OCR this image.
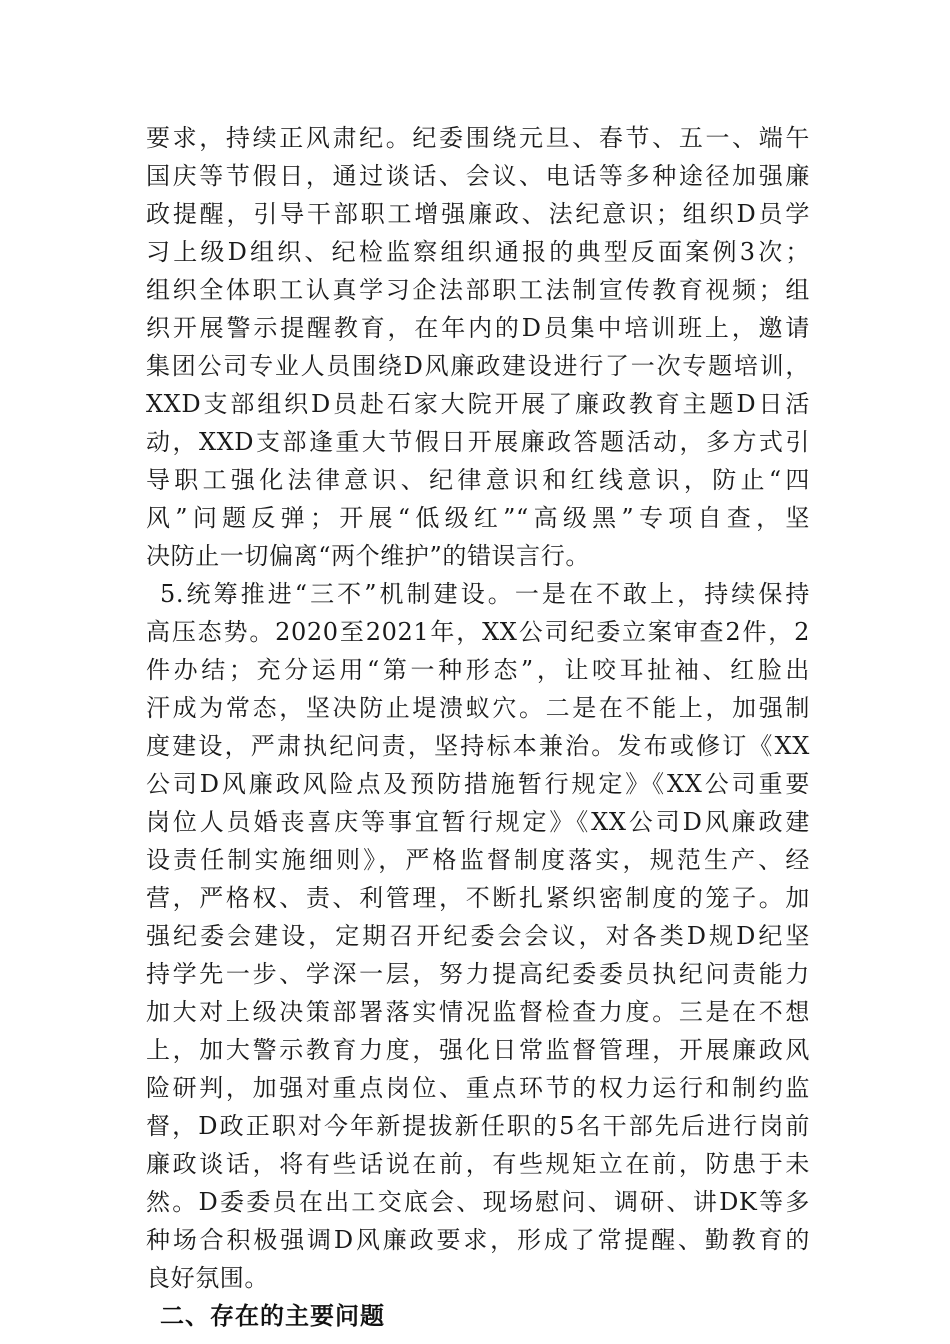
要求，持续正风肃纪。纪委围绕元旦、春节、五一、端午
国庆等节假日，通过谈话、会议、电话等多种途径加强廉
政提醒，引导干部职工增强廉政、法纪意识；组织D员学
习上级D组织、纪检监察组织通报的典型反面案例3次；
组织全体职工认真学习企法部职工法制宣传教育视频；组
织开展警示提醒教育，在年内的D员集中培训班上，邀请
集团公司专业人员围绕D风廉政建设进行了一次专题培训，
XXD支部组织D员赴石家大院开展了廉政教育主题D日活
动，XXD支部逢重大节假日开展廉政答题活动，多方式引
导职工强化法律意识、纪律意识和红线意识，防止“四
风”问题反弹；开展“低级红”“高级黑”专项自查，坚
决防止一切偏离“两个维护”的错误言行。
5.统筹推进“三不”机制建设。一是在不敢上，持续保持
高压态势。2020至2021年，XX公司纪委立案审查2件，2
件办结；充分运用“第一种形态”，让咬耳扯袖、红脸出
汗成为常态，坚决防止堤溃蚁穴。二是在不能上，加强制
度建设，严肃执纪问责，坚持标本兼治。发布或修订《XX
公司D风廉政风险点及预防措施暂行规定》《XX公司重要
岗位人员婚丧喜庆等事宜暂行规定》《XX公司D风廉政建
设责任制实施细则》，严格监督制度落实，规范生产、经
营，严格权、责、利管理，不断扎紧织密制度的笼子。加
强纪委会建设，定期召开纪委会会议，对各类D规D纪坚
持学先一步、学深一层，努力提高纪委委员执纪问责能力
加大对上级决策部署落实情况监督检查力度。三是在不想
上，加大警示教育力度，强化日常监督管理，开展廉政风
险研判，加强对重点岗位、重点环节的权力运行和制约监
督，D政正职对今年新提拔新任职的5名干部先后进行岗前
廉政谈话，将有些话说在前，有些规矩立在前，防患于未
然。D委委员在出工交底会、现场慰问、调研、讲DK等多
种场合积极强调D风廉政要求，形成了常提醒、勤教育的
良好氛围。
二、存在的主要问题
